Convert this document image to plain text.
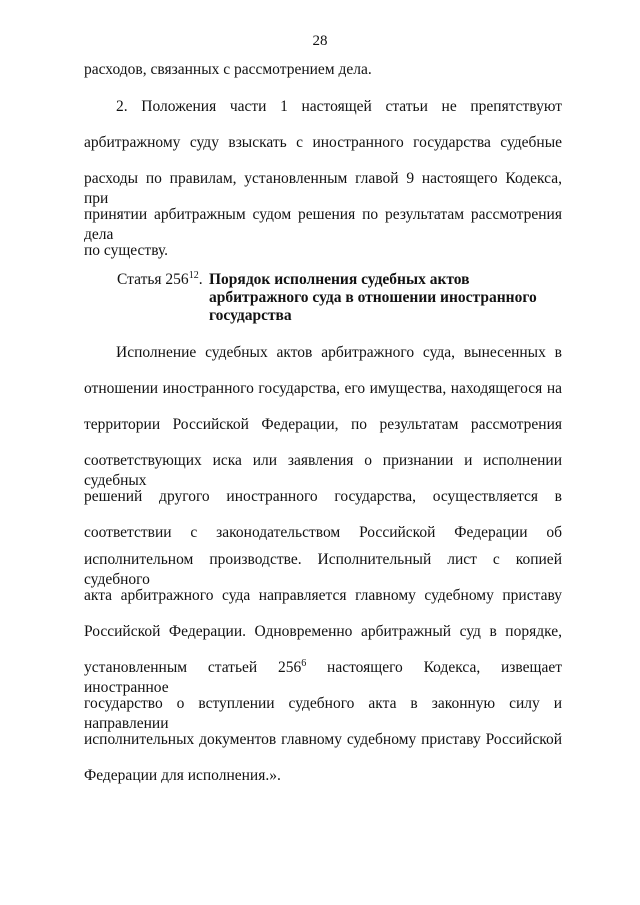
28
расходов, связанных с рассмотрением дела.
2. Положения части 1 настоящей статьи не препятствуют
арбитражному суду взыскать с иностранного государства судебные
расходы по правилам, установленным главой 9 настоящего Кодекса, при
принятии арбитражным судом решения по результатам рассмотрения дела
по существу.
Статья $256^{12}$. Порядок исполнения судебных актов
арбитражного суда в отношении иностранного
государства
Исполнение судебных актов арбитражного суда, вынесенных в
отношении иностранного государства, его имущества, находящегося на
территории Российской Федерации, по результатам рассмотрения
соответствующих иска или заявления о признании и исполнении судебных
решений другого иностранного государства, осуществляется в
соответствии с законодательством Российской Федерации об
исполнительном производстве. Исполнительный лист с копией судебного
акта арбитражного суда направляется главному судебному приставу
Российской Федерации. Одновременно арбитражный суд в порядке,
установленным статьей $256^6$ настоящего Кодекса, извещает иностранное
государство о вступлении судебного акта в законную силу и направлении
исполнительных документов главному судебному приставу Российской
Федерации для исполнения.».
